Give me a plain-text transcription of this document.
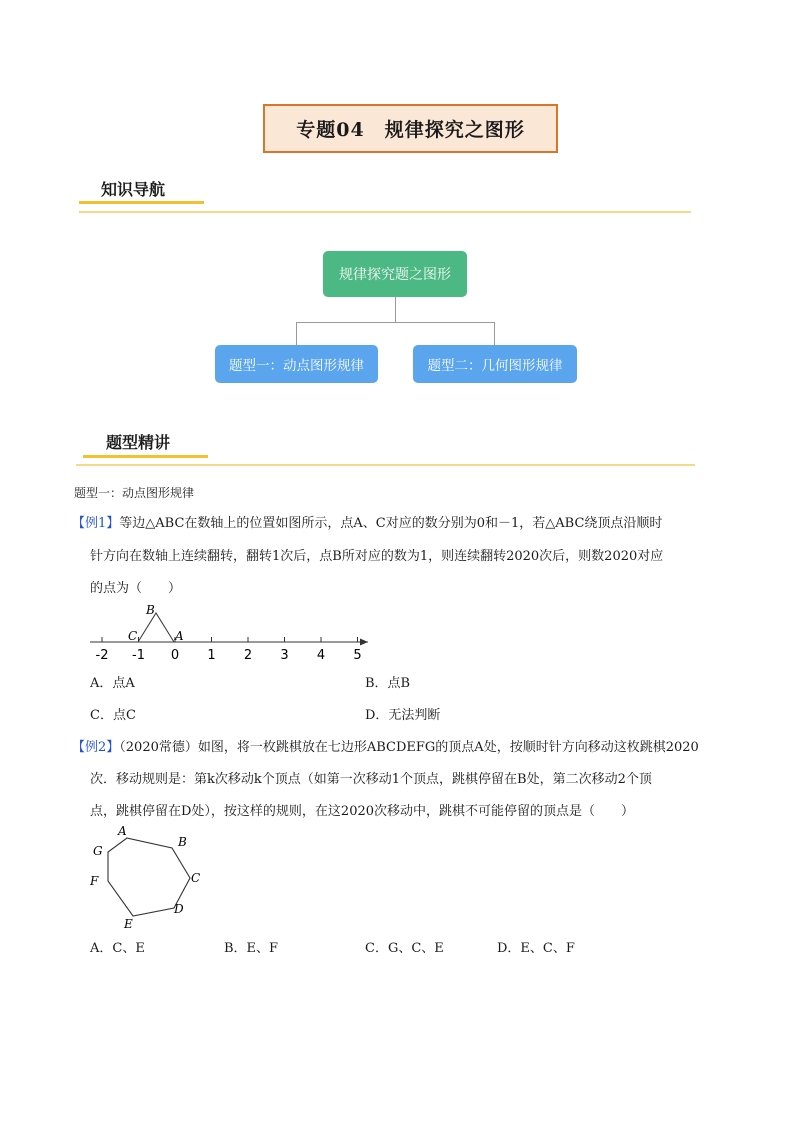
专题04　规律探究之图形
知识导航
规律探究题之图形
题型一：动点图形规律	题型二：几何图形规律
题型精讲
题型一：动点图形规律
【例1】等边△ABC在数轴上的位置如图所示，点A、C对应的数分别为0和－1，若△ABC绕顶点沿顺时
针方向在数轴上连续翻转，翻转1次后，点B所对应的数为1，则连续翻转2020次后，则数2020对应
的点为（　　）
-2 -1 0 1 2 3 4 5
B
C	A
A．点A	B．点B
C．点C	D．无法判断
【例2】（2020常德）如图，将一枚跳棋放在七边形ABCDEFG的顶点A处，按顺时针方向移动这枚跳棋2020
次．移动规则是：第k次移动k个顶点（如第一次移动1个顶点，跳棋停留在B处，第二次移动2个顶
点，跳棋停留在D处），按这样的规则，在这2020次移动中，跳棋不可能停留的顶点是（　　）
A
B
C
D
E
F
G
A．C、E	B．E、F	C．G、C、E	D．E、C、F
